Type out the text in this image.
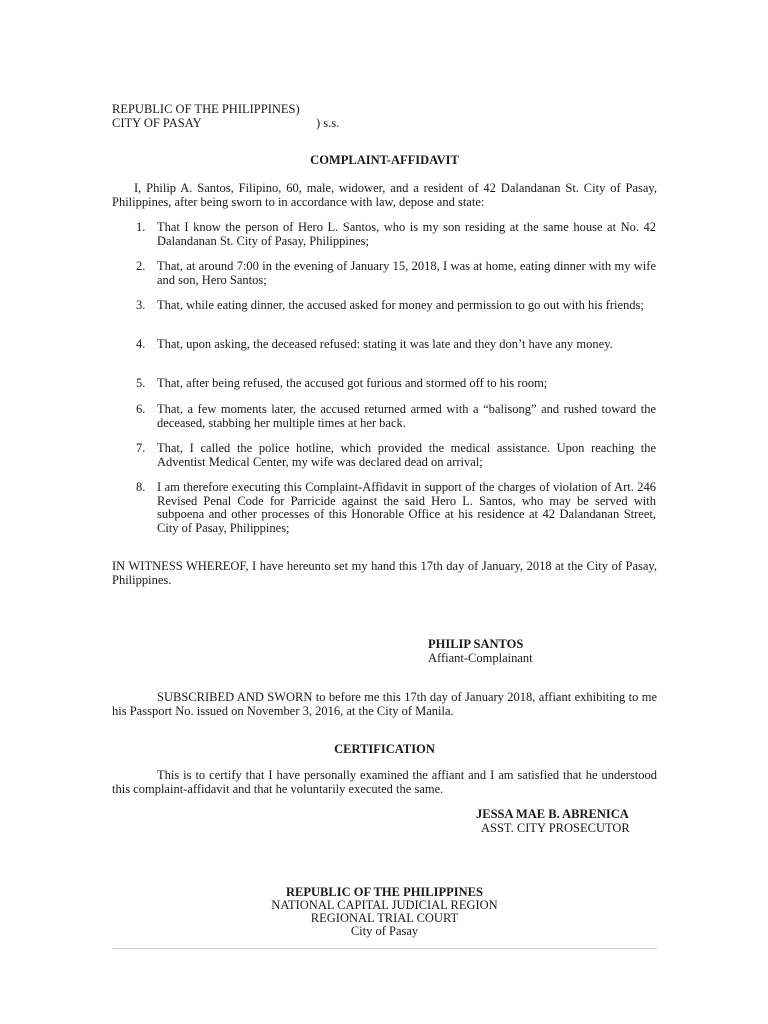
REPUBLIC OF THE PHILIPPINES)
CITY OF PASAY	) s.s.
COMPLAINT-AFFIDAVIT
I, Philip A. Santos, Filipino, 60, male, widower, and a resident of 42 Dalandanan St. City of Pasay, Philippines, after being sworn to in accordance with law, depose and state:
1. That I know the person of Hero L. Santos, who is my son residing at the same house at No. 42 Dalandanan St. City of Pasay, Philippines;
2. That, at around 7:00 in the evening of January 15, 2018, I was at home, eating dinner with my wife and son, Hero Santos;
3. That, while eating dinner, the accused asked for money and permission to go out with his friends;
4. That, upon asking, the deceased refused: stating it was late and they don’t have any money.
5. That, after being refused, the accused got furious and stormed off to his room;
6. That, a few moments later, the accused returned armed with a “balisong” and rushed toward the deceased, stabbing her multiple times at her back.
7. That, I called the police hotline, which provided the medical assistance. Upon reaching the Adventist Medical Center, my wife was declared dead on arrival;
8. I am therefore executing this Complaint-Affidavit in support of the charges of violation of Art. 246 Revised Penal Code for Parricide against the said Hero L. Santos, who may be served with subpoena and other processes of this Honorable Office at his residence at 42 Dalandanan Street, City of Pasay, Philippines;
IN WITNESS WHEREOF, I have hereunto set my hand this 17th day of January, 2018 at the City of Pasay, Philippines.
PHILIP SANTOS
Affiant-Complainant
SUBSCRIBED AND SWORN to before me this 17th day of January 2018, affiant exhibiting to me his Passport No. issued on November 3, 2016, at the City of Manila.
CERTIFICATION
This is to certify that I have personally examined the affiant and I am satisfied that he understood this complaint-affidavit and that he voluntarily executed the same.
JESSA MAE B. ABRENICA
ASST. CITY PROSECUTOR
REPUBLIC OF THE PHILIPPINES
NATIONAL CAPITAL JUDICIAL REGION
REGIONAL TRIAL COURT
City of Pasay
